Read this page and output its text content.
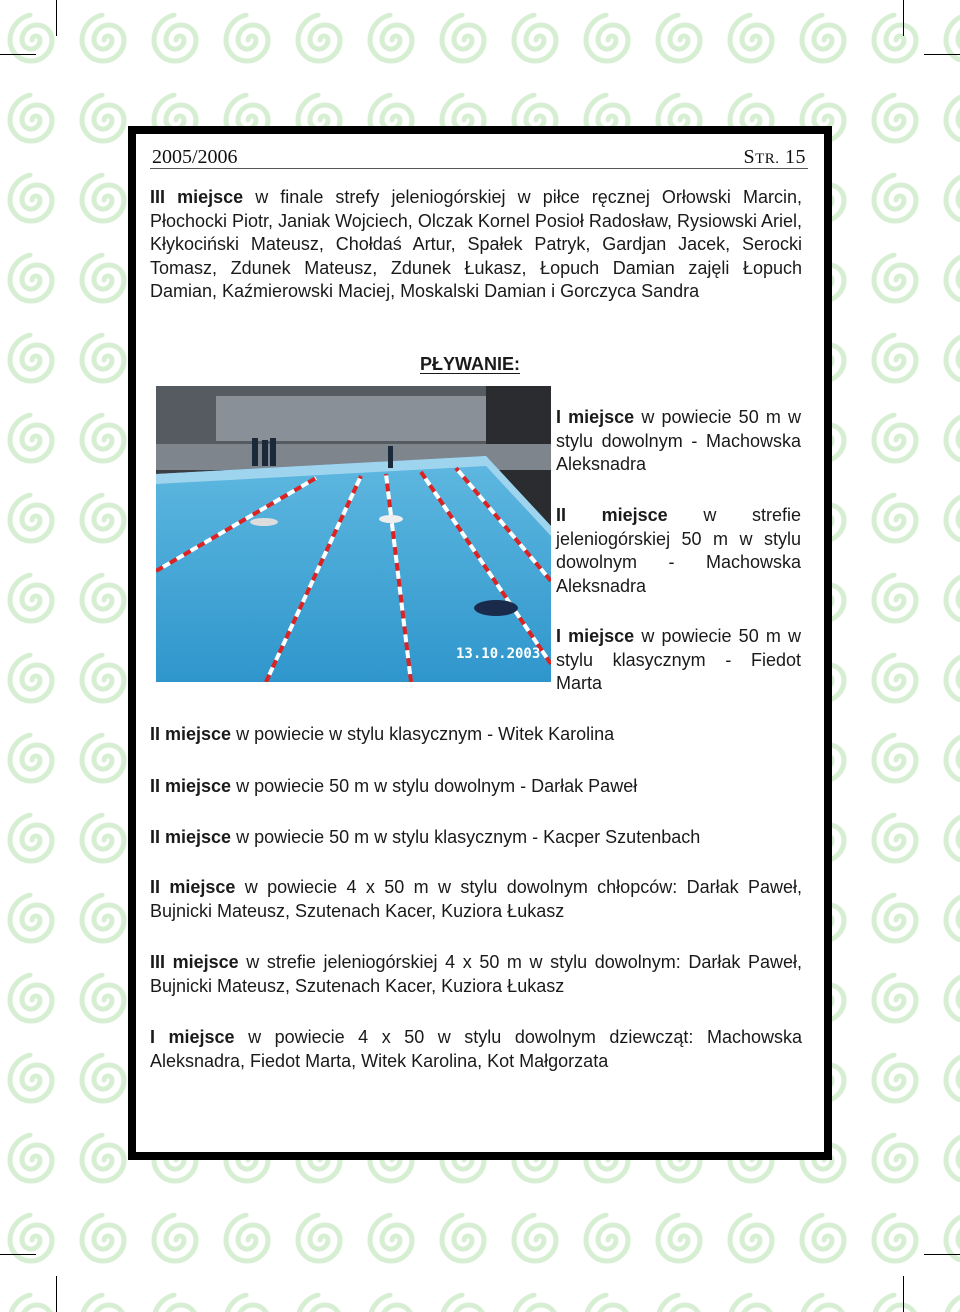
2005/2006	STR. 15

III miejsce w finale strefy jeleniogórskiej w piłce ręcznej Orłowski Marcin, Płochocki Piotr, Janiak Wojciech, Olczak Kornel Posioł Radosław, Rysiowski Ariel, Kłykociński Mateusz, Chołdaś Artur, Spałek Patryk, Gardjan Jacek, Serocki Tomasz, Zdunek Mateusz, Zdunek Łukasz, Łopuch Damian zajęli Łopuch Damian, Kaźmierowski Maciej, Moskalski Damian i Gorczyca Sandra

PŁYWANIE:

13.10.2003

I miejsce w powiecie 50 m w stylu dowolnym - Machowska Aleksnadra

II miejsce w strefie jeleniogórskiej 50 m w stylu dowolnym - Machowska Aleksnadra

I miejsce w powiecie 50 m w stylu klasycznym - Fiedot Marta

II miejsce w powiecie w stylu klasycznym - Witek Karolina

II miejsce w powiecie 50 m w stylu dowolnym - Darłak Paweł

II miejsce w powiecie 50 m w stylu klasycznym - Kacper Szutenbach

II miejsce w powiecie 4 x 50 m w stylu dowolnym chłopców: Darłak Paweł, Bujnicki Mateusz, Szutenach Kacer, Kuziora Łukasz

III miejsce w strefie jeleniogórskiej 4 x 50 m w stylu dowolnym: Darłak Paweł, Bujnicki Mateusz, Szutenach Kacer, Kuziora Łukasz

I miejsce w powiecie 4 x 50 w stylu dowolnym dziewcząt: Machowska Aleksnadra, Fiedot Marta, Witek Karolina, Kot Małgorzata
